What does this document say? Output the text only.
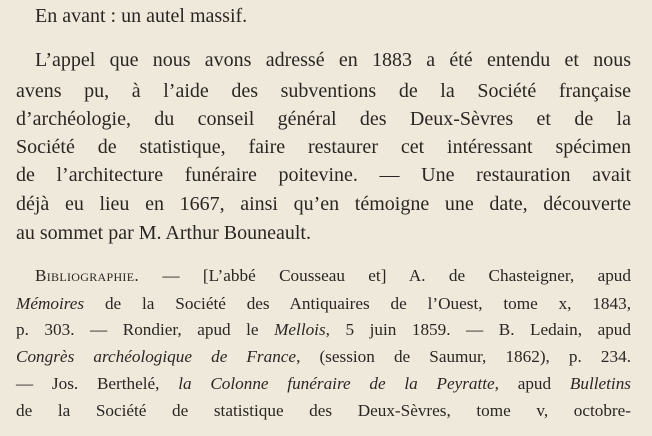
En avant : un autel massif.
L’appel que nous avons adressé en 1883 a été entendu et nous
avens pu, à l’aide des subventions de la Société française
d’archéologie, du conseil général des Deux-Sèvres et de la
Société de statistique, faire restaurer cet intéressant spécimen
de l’architecture funéraire poitevine. — Une restauration avait
déjà eu lieu en 1667, ainsi qu’en témoigne une date, découverte
au sommet par M. Arthur Bouneault.
Bibliographie. — [L’abbé Cousseau et] A. de Chasteigner, apud
Mémoires de la Société des Antiquaires de l’Ouest, tome x, 1843,
p. 303. — Rondier, apud le Mellois, 5 juin 1859. — B. Ledain, apud
Congrès archéologique de France, (session de Saumur, 1862), p. 234.
— Jos. Berthelé, la Colonne funéraire de la Peyratte, apud Bulletins
de la Société de statistique des Deux-Sèvres, tome v, octobre-
